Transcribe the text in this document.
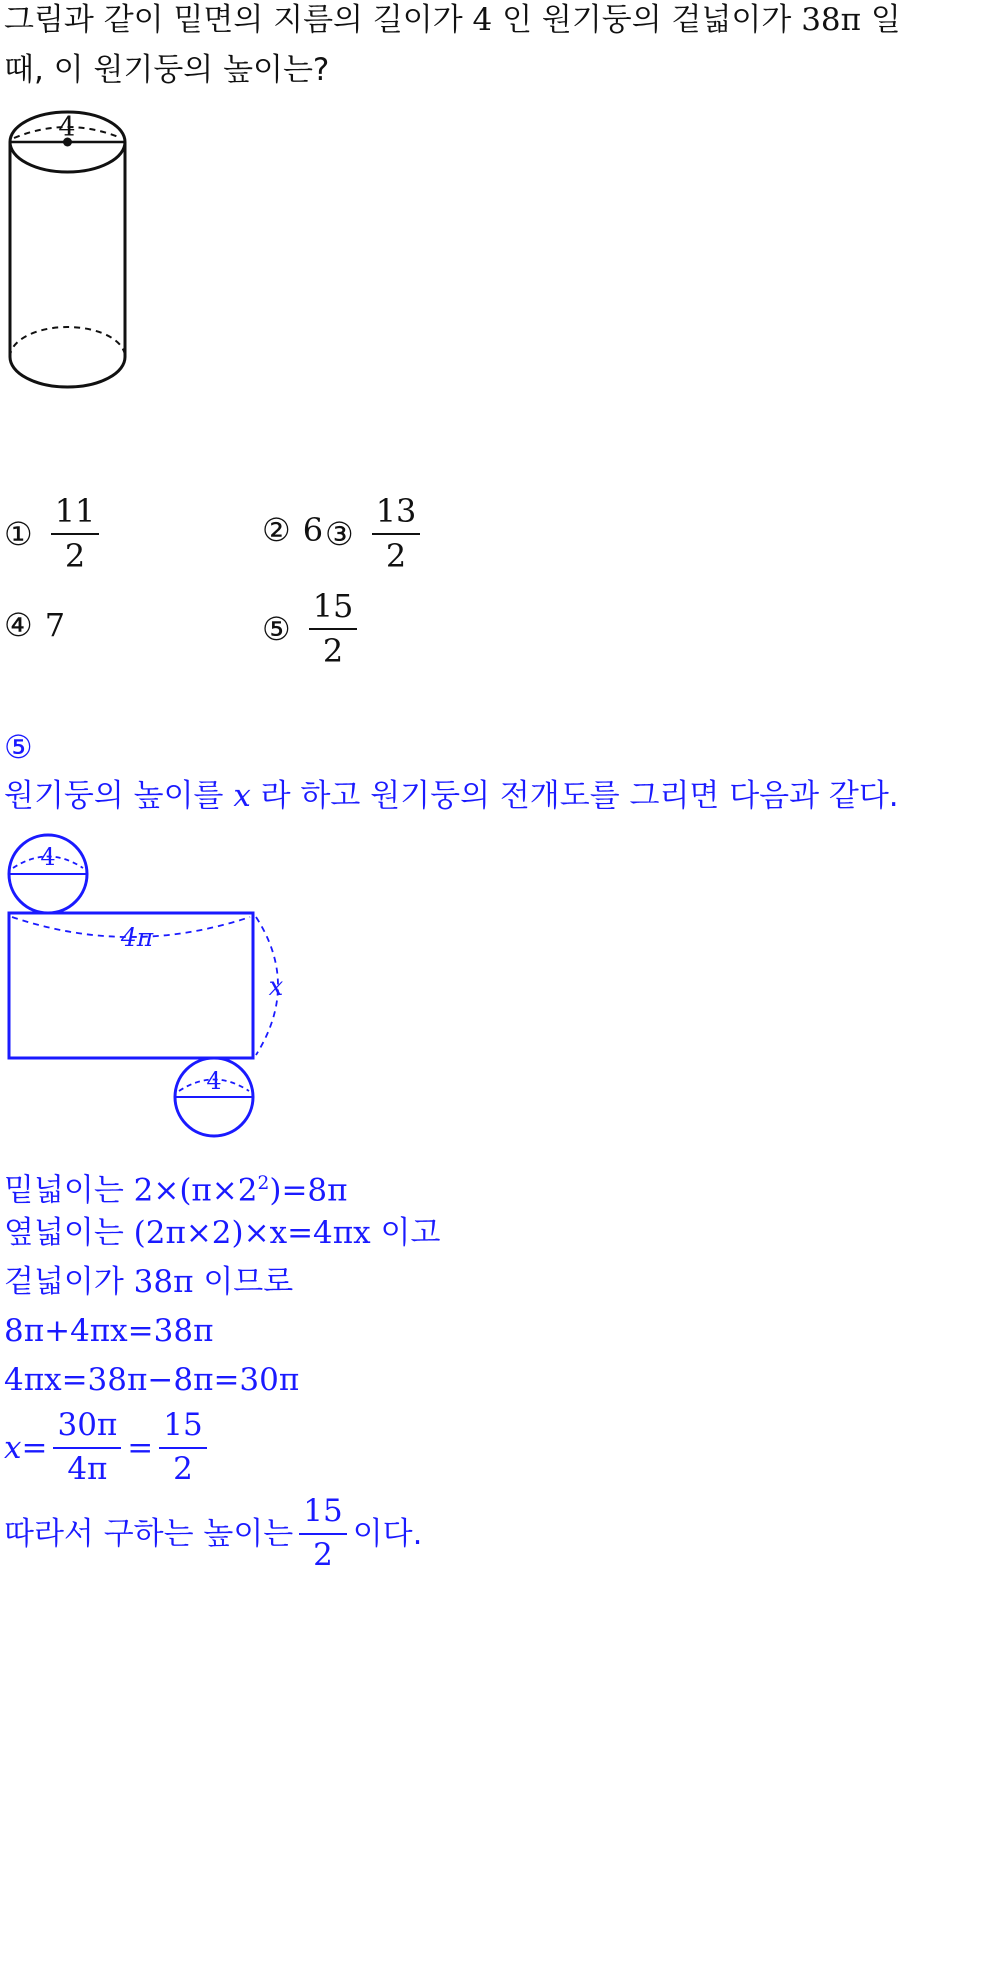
그림과 같이 밑면의 지름의 길이가 4 인 원기둥의 겉넓이가 38π 일
때, 이 원기둥의 높이는?
4
① $\frac{11}{2}$	② 6 ③ $\frac{13}{2}$
④ 7	⑤ $\frac{15}{2}$
⑤
원기둥의 높이를 x 라 하고 원기둥의 전개도를 그리면 다음과 같다.
4
4π
x
4
밑넓이는 $2\times(\pi\times 2^2)=8\pi$
옆넓이는 (2π×2)×x=4πx 이고
겉넓이가 38π 이므로
8π+4πx=38π
4πx=38π−8π=30π
$x= \frac{30\pi}{4\pi} = \frac{15}{2}$
따라서 구하는 높이는 $\frac{15}{2}$ 이다.
